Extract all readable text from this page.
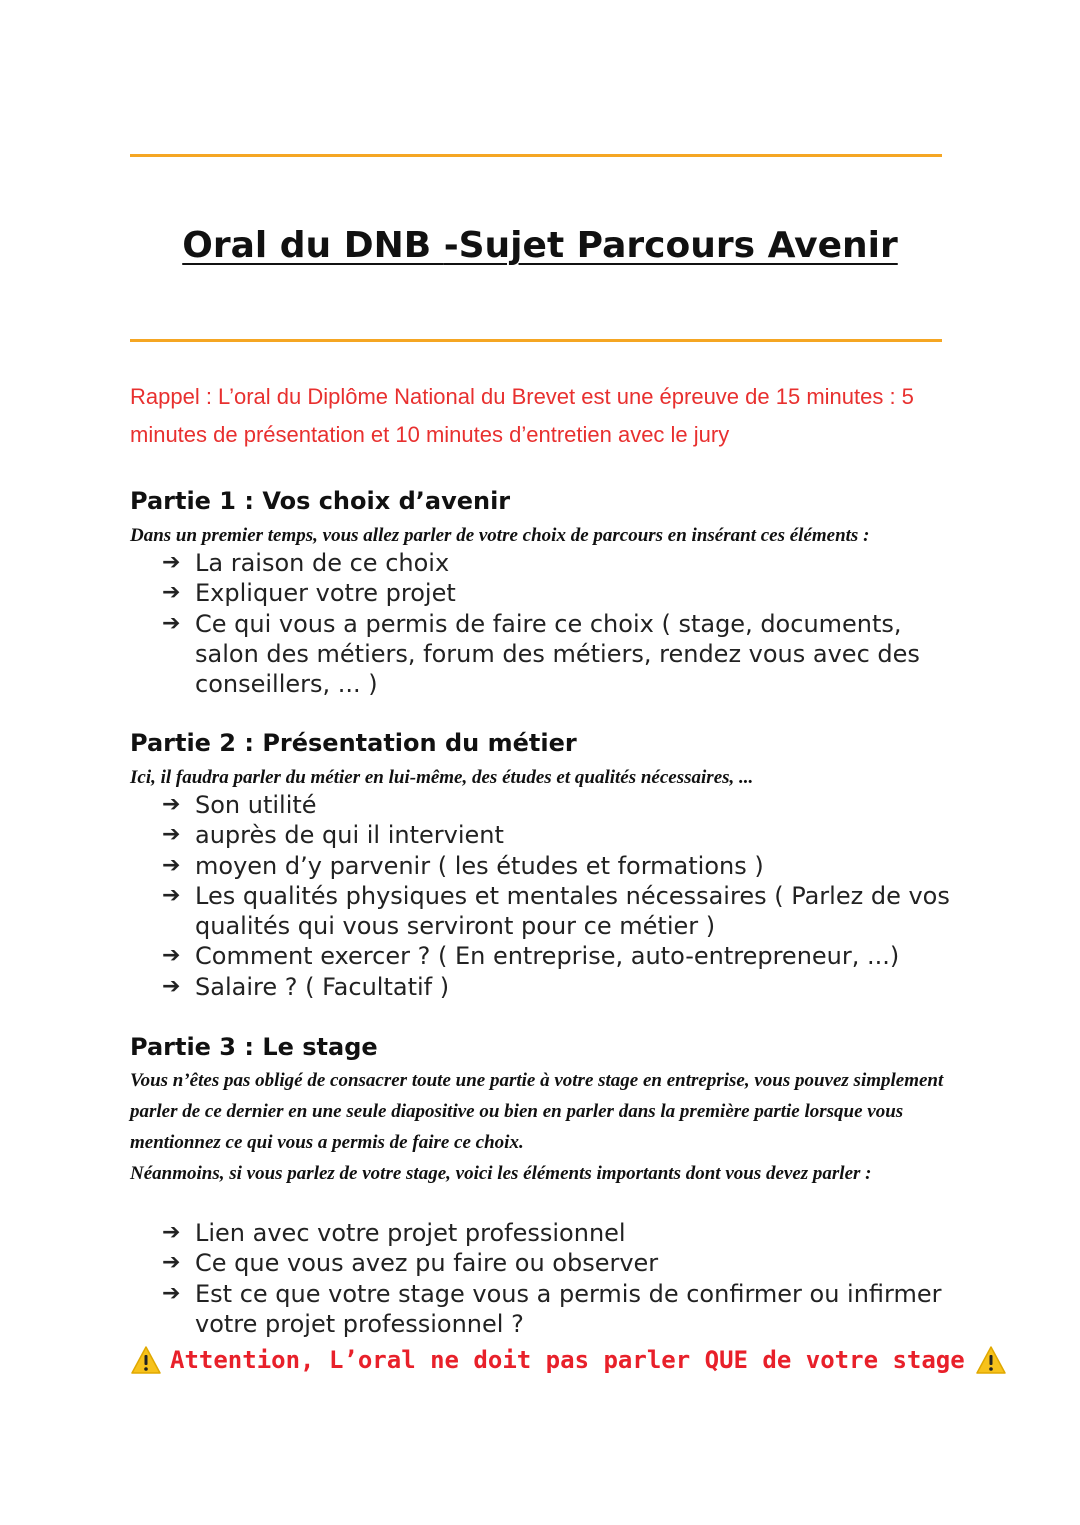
Oral du DNB -Sujet Parcours Avenir

Rappel : L’oral du Diplôme National du Brevet est une épreuve de 15 minutes : 5 minutes de présentation et 10 minutes d’entretien avec le jury

Partie 1 : Vos choix d’avenir

Dans un premier temps, vous allez parler de votre choix de parcours en insérant ces éléments :

➔ La raison de ce choix
➔ Expliquer votre projet
➔ Ce qui vous a permis de faire ce choix ( stage, documents, salon des métiers, forum des métiers, rendez vous avec des conseillers, ... )
Partie 2 : Présentation du métier

Ici, il faudra parler du métier en lui-même, des études et qualités nécessaires, ...

➔ Son utilité
➔ auprès de qui il intervient
➔ moyen d’y parvenir ( les études et formations )
➔ Les qualités physiques et mentales nécessaires ( Parlez de vos qualités qui vous serviront pour ce métier )
➔ Comment exercer ? ( En entreprise, auto-entrepreneur, ...)
➔ Salaire ? ( Facultatif )
Partie 3 : Le stage

Vous n’êtes pas obligé de consacrer toute une partie à votre stage en entreprise, vous pouvez simplement parler de ce dernier en une seule diapositive ou bien en parler dans la première partie lorsque vous mentionnez ce qui vous a permis de faire ce choix.

Néanmoins, si vous parlez de votre stage, voici les éléments importants dont vous devez parler :

➔ Lien avec votre projet professionnel
➔ Ce que vous avez pu faire ou observer
➔ Est ce que votre stage vous a permis de confirmer ou infirmer votre projet professionnel ?
Attention, L’oral ne doit pas parler QUE de votre stage
